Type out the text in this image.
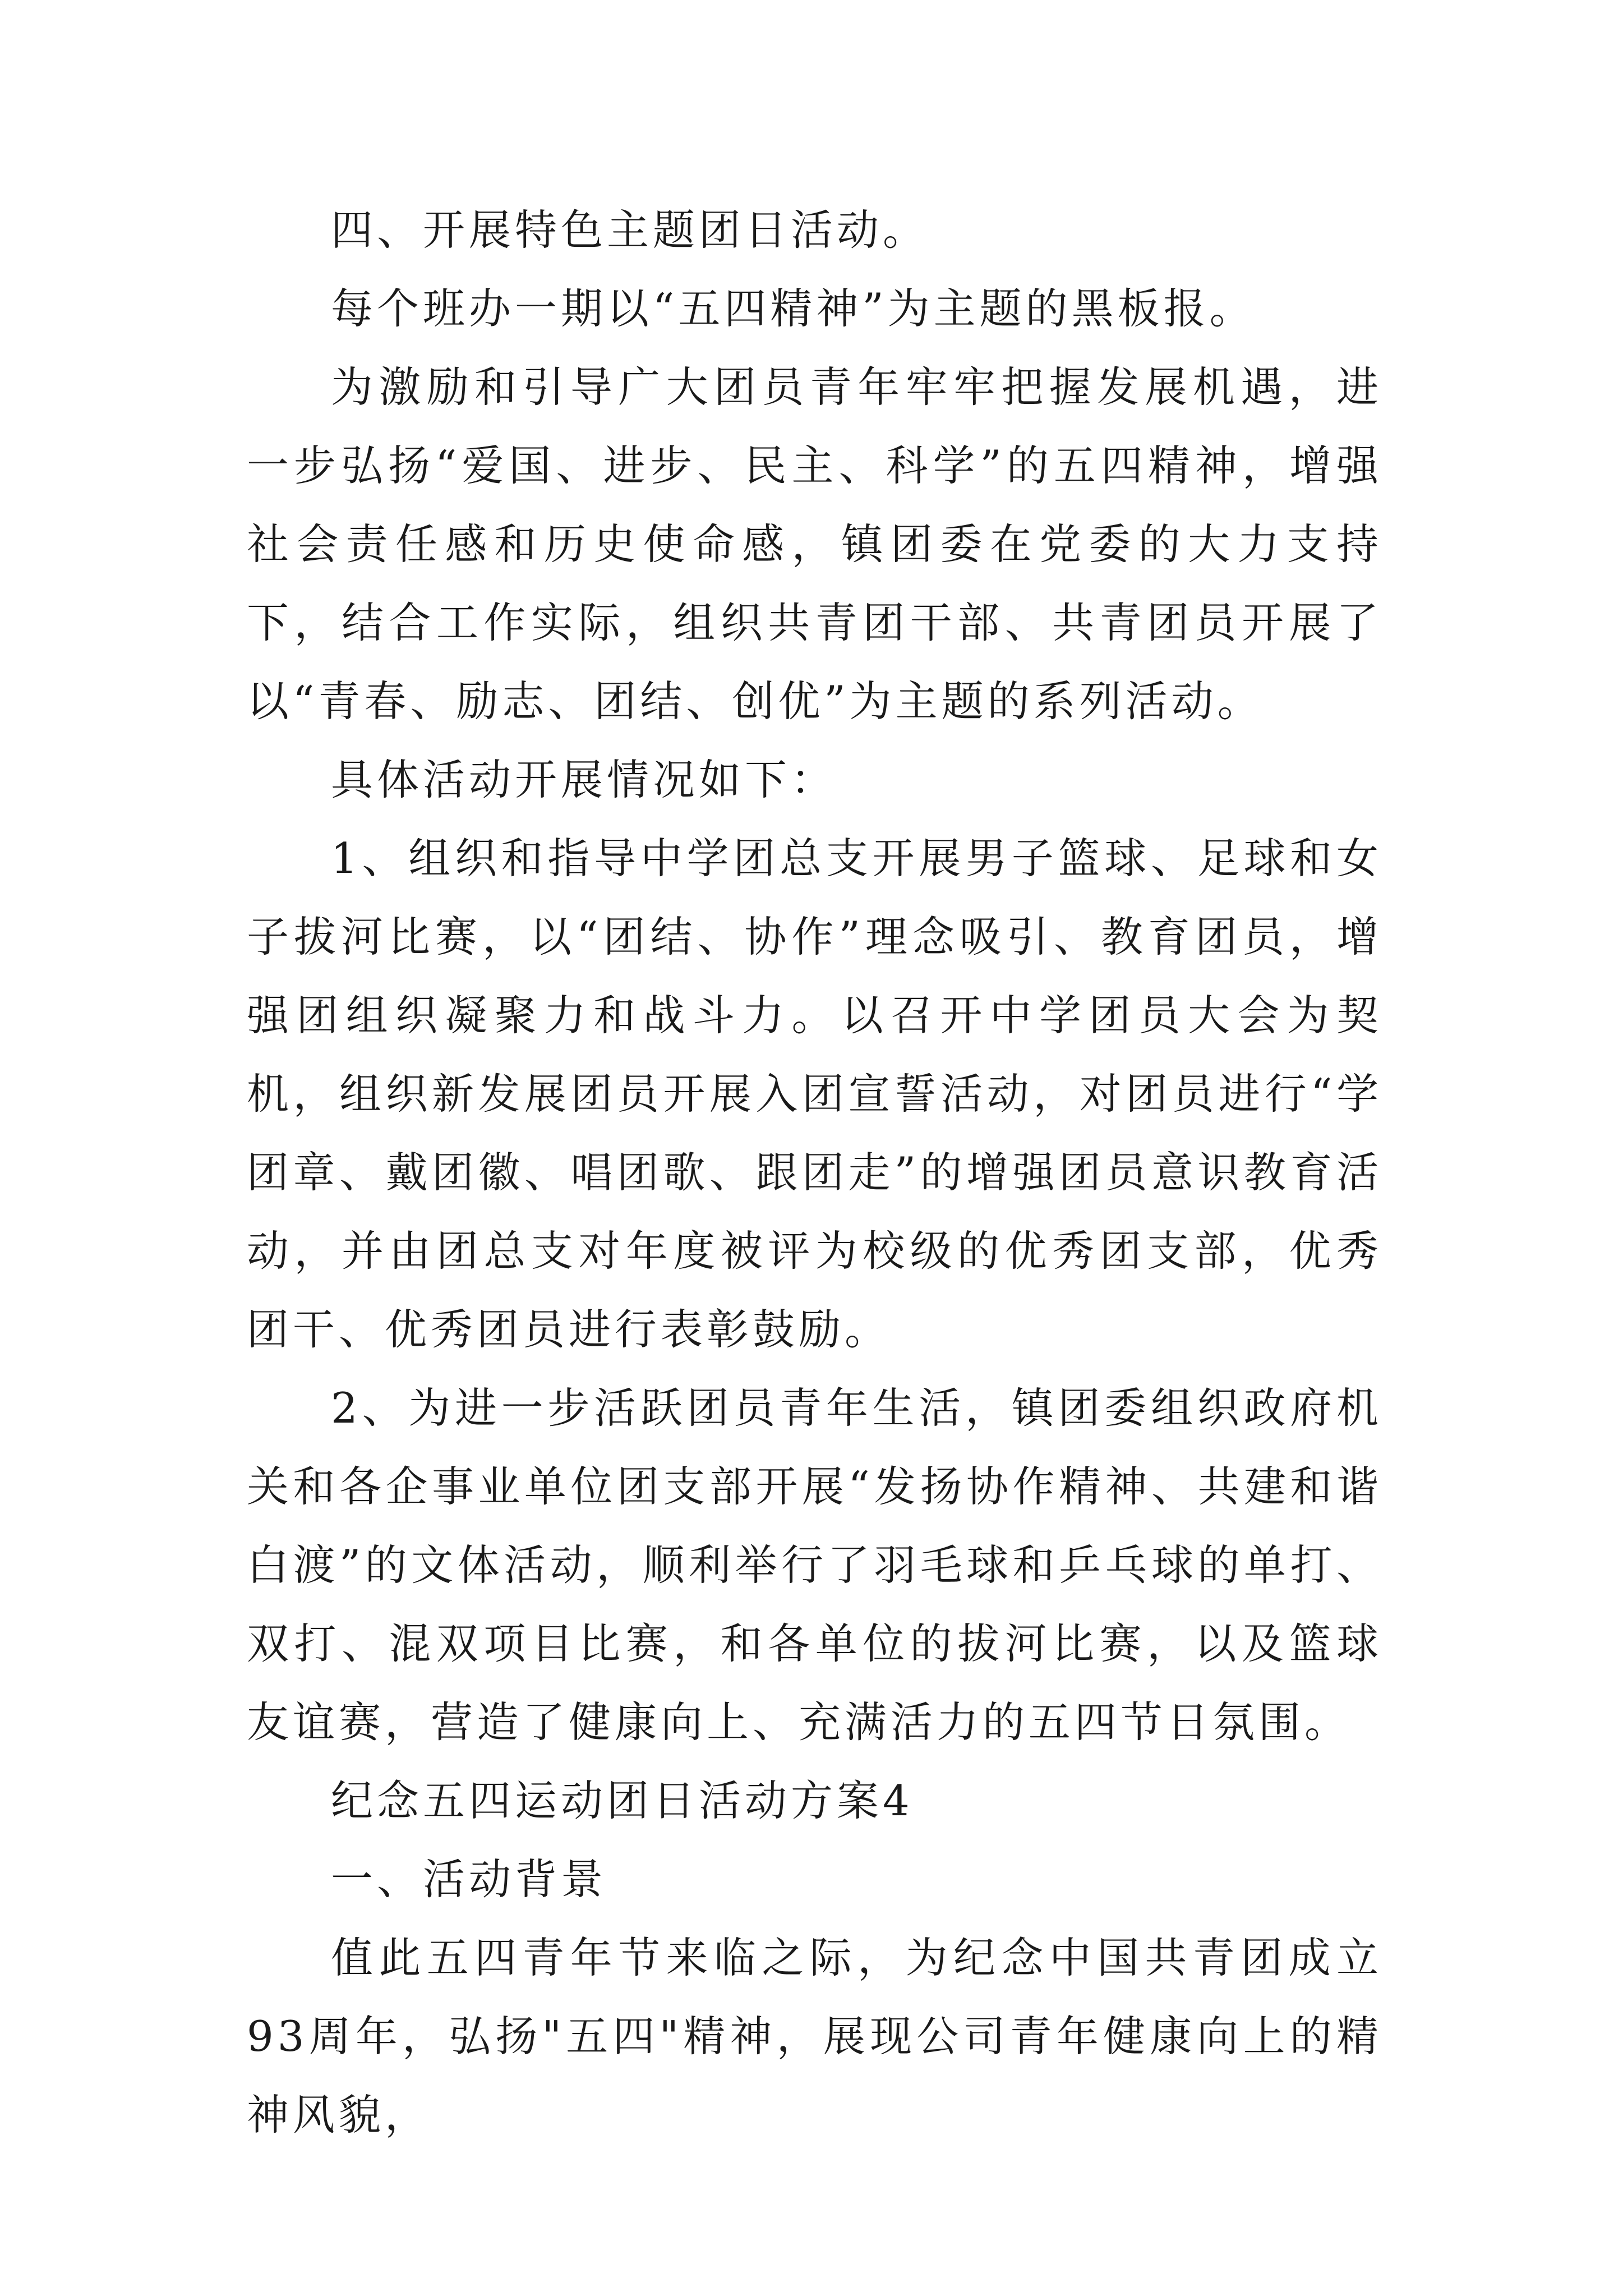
四、开展特色主题团日活动。

每个班办一期以“五四精神”为主题的黑板报。

为激励和引导广大团员青年牢牢把握发展机遇，进一步弘扬“爱国、进步、民主、科学”的五四精神，增强社会责任感和历史使命感，镇团委在党委的大力支持下，结合工作实际，组织共青团干部、共青团员开展了以“青春、励志、团结、创优”为主题的系列活动。

具体活动开展情况如下：

1、组织和指导中学团总支开展男子篮球、足球和女子拔河比赛，以“团结、协作”理念吸引、教育团员，增强团组织凝聚力和战斗力。以召开中学团员大会为契机，组织新发展团员开展入团宣誓活动，对团员进行“学团章、戴团徽、唱团歌、跟团走”的增强团员意识教育活动，并由团总支对年度被评为校级的优秀团支部，优秀团干、优秀团员进行表彰鼓励。

2、为进一步活跃团员青年生活，镇团委组织政府机关和各企事业单位团支部开展“发扬协作精神、共建和谐白渡”的文体活动，顺利举行了羽毛球和乒乓球的单打、双打、混双项目比赛，和各单位的拔河比赛，以及篮球友谊赛，营造了健康向上、充满活力的五四节日氛围。

纪念五四运动团日活动方案4

一、活动背景

值此五四青年节来临之际，为纪念中国共青团成立93周年，弘扬"五四"精神，展现公司青年健康向上的精神风貌，
